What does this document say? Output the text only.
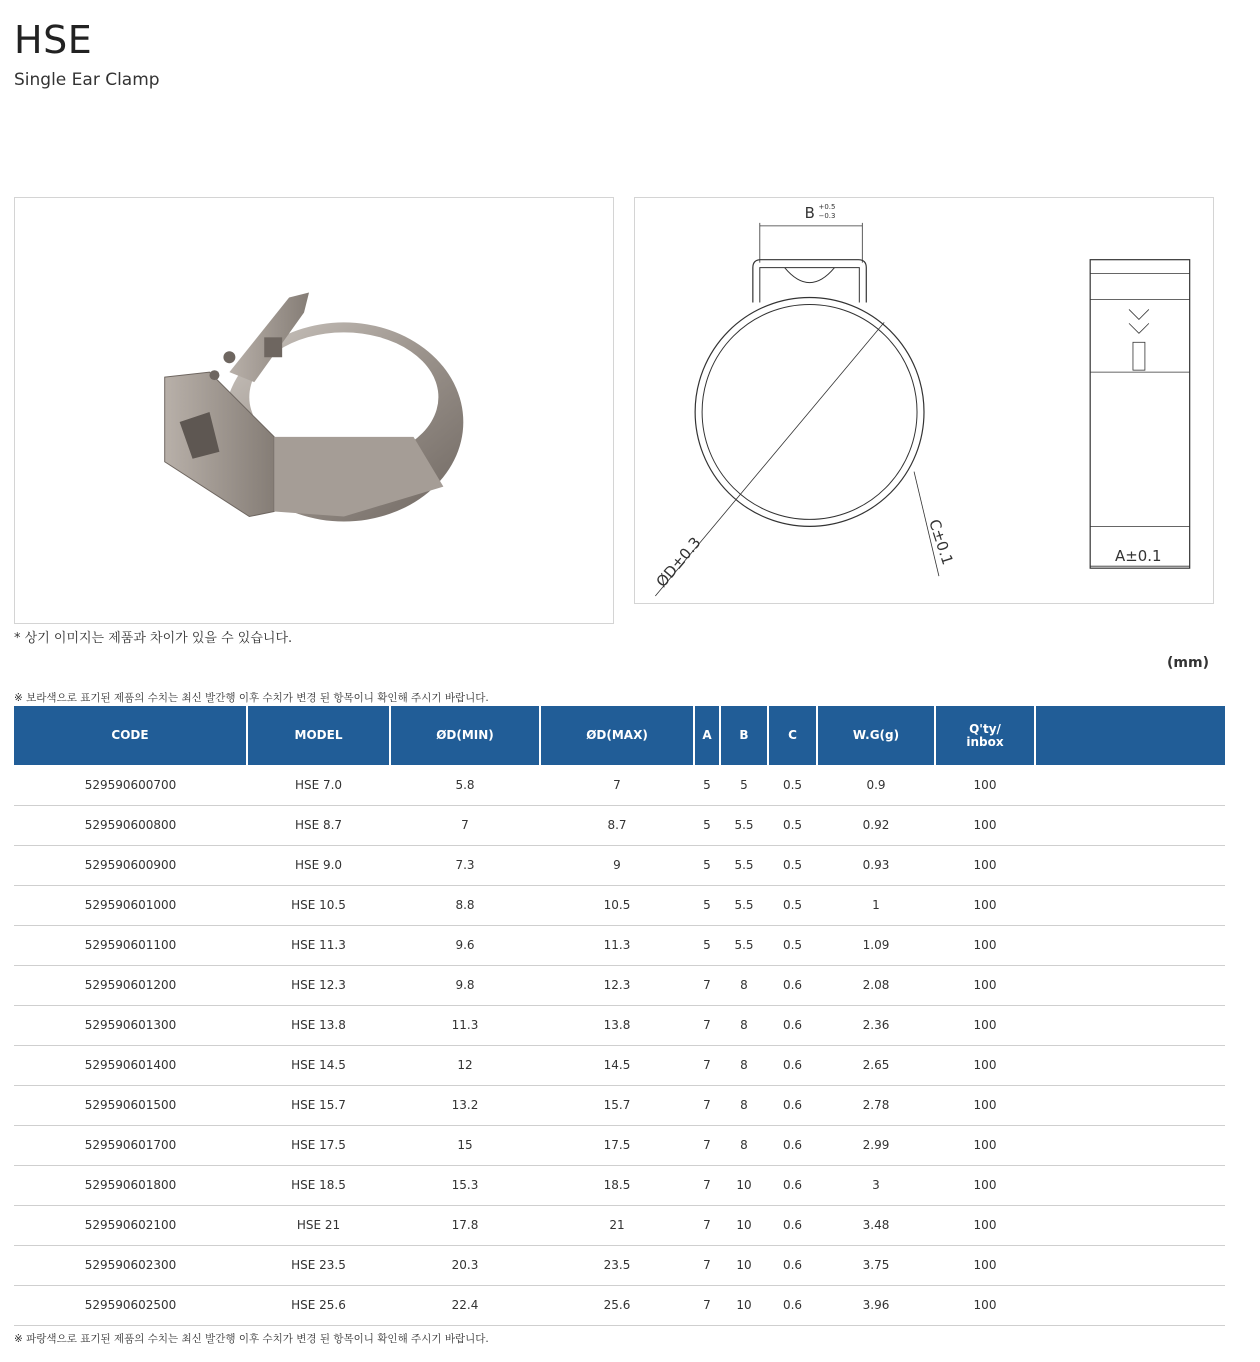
HSE
Single Ear Clamp
B +0.5
−0.3
ØD±0.3	C±0.1	A±0.1
* 상기 이미지는 제품과 차이가 있을 수 있습니다.
(mm)
※ 보라색으로 표기된 제품의 수치는 최신 발간행 이후 수치가 변경 된 항목이니 확인해 주시기 바랍니다.
CODE	MODEL	ØD(MIN)	ØD(MAX)	A	B	C	W.G(g)	Q'ty/
inbox	
529590600700	HSE 7.0	5.8	7	5	5	0.5	0.9	100	
529590600800	HSE 8.7	7	8.7	5	5.5	0.5	0.92	100	
529590600900	HSE 9.0	7.3	9	5	5.5	0.5	0.93	100	
529590601000	HSE 10.5	8.8	10.5	5	5.5	0.5	1	100	
529590601100	HSE 11.3	9.6	11.3	5	5.5	0.5	1.09	100	
529590601200	HSE 12.3	9.8	12.3	7	8	0.6	2.08	100	
529590601300	HSE 13.8	11.3	13.8	7	8	0.6	2.36	100	
529590601400	HSE 14.5	12	14.5	7	8	0.6	2.65	100	
529590601500	HSE 15.7	13.2	15.7	7	8	0.6	2.78	100	
529590601700	HSE 17.5	15	17.5	7	8	0.6	2.99	100	
529590601800	HSE 18.5	15.3	18.5	7	10	0.6	3	100	
529590602100	HSE 21	17.8	21	7	10	0.6	3.48	100	
529590602300	HSE 23.5	20.3	23.5	7	10	0.6	3.75	100	
529590602500	HSE 25.6	22.4	25.6	7	10	0.6	3.96	100	
※ 파랑색으로 표기된 제품의 수치는 최신 발간행 이후 수치가 변경 된 항목이니 확인해 주시기 바랍니다.
